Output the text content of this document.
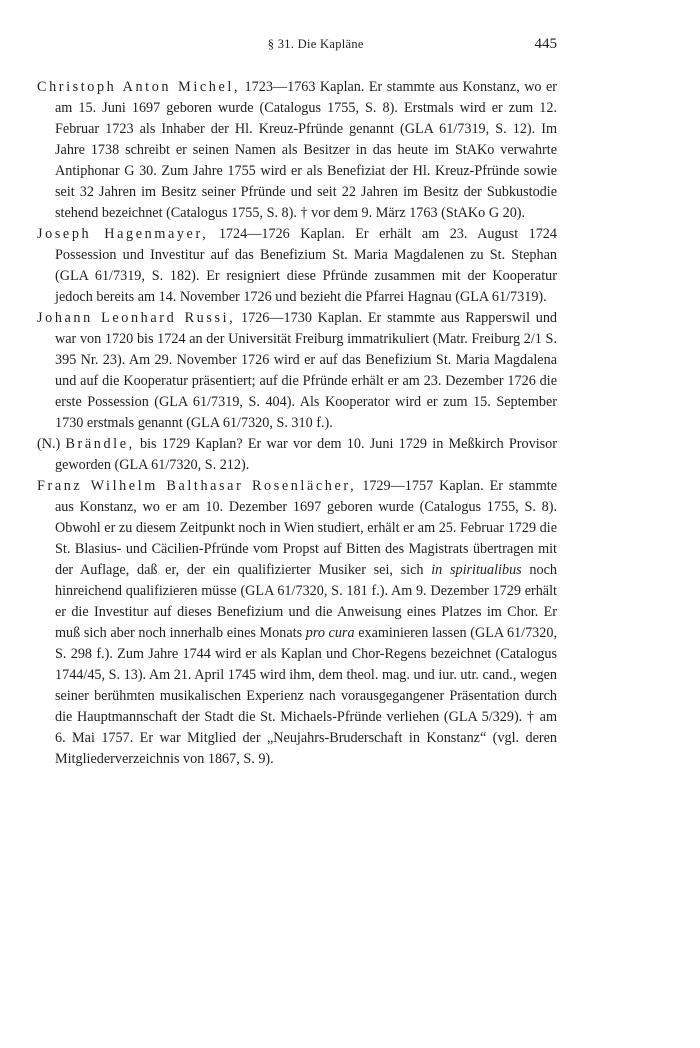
§ 31. Die Kapläne	445

Christoph Anton Michel, 1723—1763 Kaplan. Er stammte aus Konstanz, wo er am 15. Juni 1697 geboren wurde (Catalogus 1755, S. 8). Erstmals wird er zum 12. Februar 1723 als Inhaber der Hl. Kreuz-Pfründe genannt (GLA 61/7319, S. 12). Im Jahre 1738 schreibt er seinen Namen als Besitzer in das heute im StAKo verwahrte Antiphonar G 30. Zum Jahre 1755 wird er als Benefiziat der Hl. Kreuz-Pfründe sowie seit 32 Jahren im Besitz seiner Pfründe und seit 22 Jahren im Besitz der Subkustodie stehend bezeichnet (Catalogus 1755, S. 8). † vor dem 9. März 1763 (StAKo G 20).

Joseph Hagenmayer, 1724—1726 Kaplan. Er erhält am 23. August 1724 Possession und Investitur auf das Benefizium St. Maria Magdalenen zu St. Stephan (GLA 61/7319, S. 182). Er resigniert diese Pfründe zusammen mit der Kooperatur jedoch bereits am 14. November 1726 und bezieht die Pfarrei Hagnau (GLA 61/7319).

Johann Leonhard Russi, 1726—1730 Kaplan. Er stammte aus Rapperswil und war von 1720 bis 1724 an der Universität Freiburg immatrikuliert (Matr. Freiburg 2/1 S. 395 Nr. 23). Am 29. November 1726 wird er auf das Benefizium St. Maria Magdalena und auf die Kooperatur präsentiert; auf die Pfründe erhält er am 23. Dezember 1726 die erste Possession (GLA 61/7319, S. 404). Als Kooperator wird er zum 15. September 1730 erstmals genannt (GLA 61/7320, S. 310 f.).

(N.) Brändle, bis 1729 Kaplan? Er war vor dem 10. Juni 1729 in Meßkirch Provisor geworden (GLA 61/7320, S. 212).

Franz Wilhelm Balthasar Rosenlächer, 1729—1757 Kaplan. Er stammte aus Konstanz, wo er am 10. Dezember 1697 geboren wurde (Catalogus 1755, S. 8). Obwohl er zu diesem Zeitpunkt noch in Wien studiert, erhält er am 25. Februar 1729 die St. Blasius- und Cäcilien-Pfründe vom Propst auf Bitten des Magistrats übertragen mit der Auflage, daß er, der ein qualifizierter Musiker sei, sich in spiritualibus noch hinreichend qualifizieren müsse (GLA 61/7320, S. 181 f.). Am 9. Dezember 1729 erhält er die Investitur auf dieses Benefizium und die Anweisung eines Platzes im Chor. Er muß sich aber noch innerhalb eines Monats pro cura examinieren lassen (GLA 61/7320, S. 298 f.). Zum Jahre 1744 wird er als Kaplan und Chor-Regens bezeichnet (Catalogus 1744/45, S. 13). Am 21. April 1745 wird ihm, dem theol. mag. und iur. utr. cand., wegen seiner berühmten musikalischen Experienz nach vorausgegangener Präsentation durch die Hauptmannschaft der Stadt die St. Michaels-Pfründe verliehen (GLA 5/329). † am 6. Mai 1757. Er war Mitglied der „Neujahrs-Bruderschaft in Konstanz“ (vgl. deren Mitgliederverzeichnis von 1867, S. 9).
